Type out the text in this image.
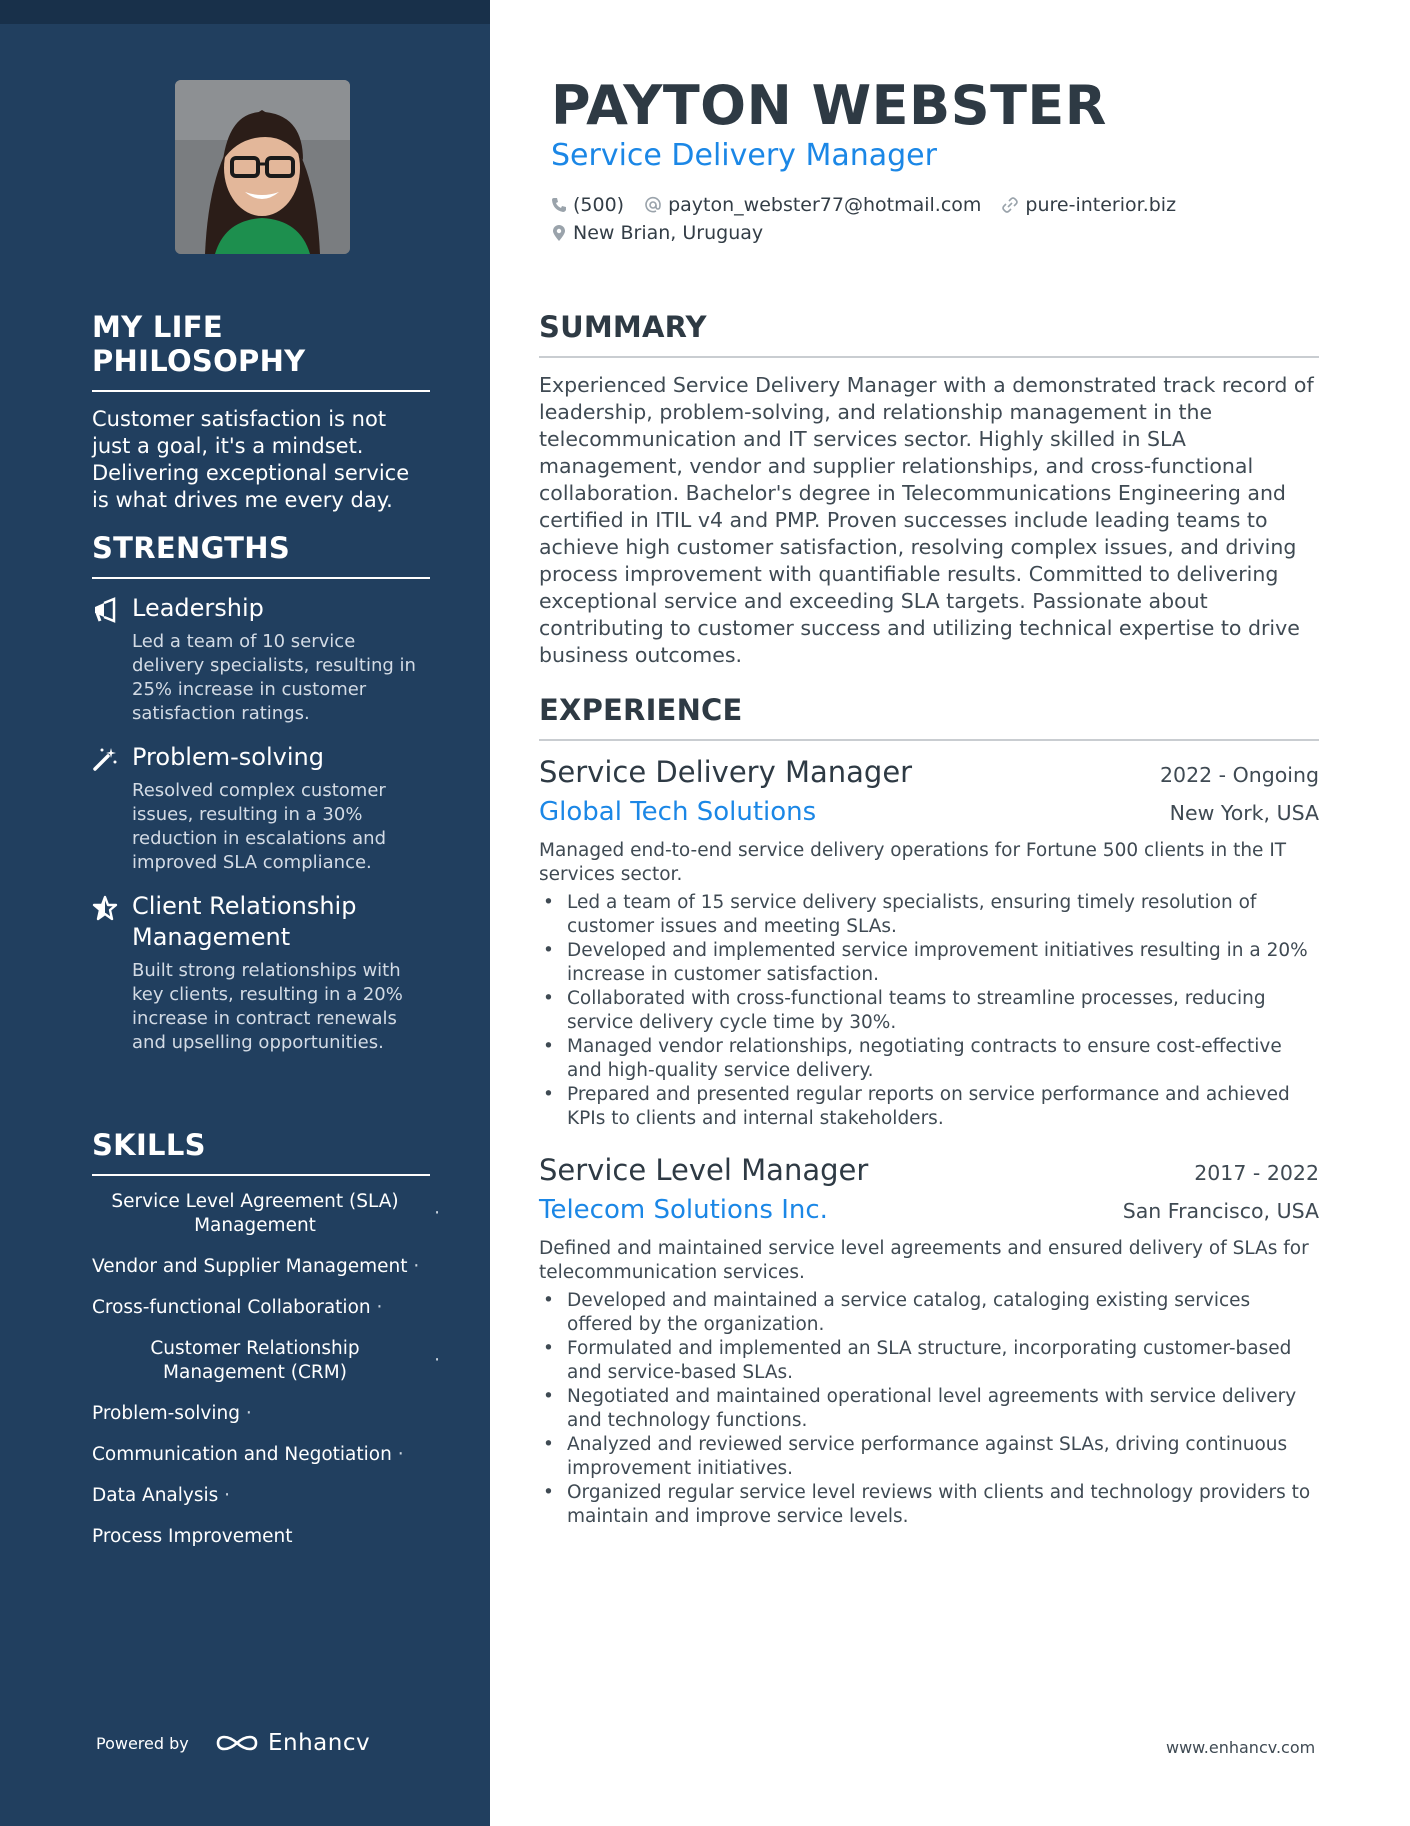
MY LIFE PHILOSOPHY
Customer satisfaction is not just a goal, it's a mindset. Delivering exceptional service is what drives me every day.
STRENGTHS
Leadership
Led a team of 10 service delivery specialists, resulting in 25% increase in customer satisfaction ratings.
Problem-solving
Resolved complex customer issues, resulting in a 30% reduction in escalations and improved SLA compliance.
Client Relationship Management
Built strong relationships with key clients, resulting in a 20% increase in contract renewals and upselling opportunities.
SKILLS
Service Level Agreement (SLA) Management
·
Vendor and Supplier Management ·
Cross-functional Collaboration ·
Customer Relationship Management (CRM)
·
Problem-solving ·
Communication and Negotiation ·
Data Analysis ·
Process Improvement
Powered by	Enhancv
PAYTON WEBSTER
Service Delivery Manager
(500) payton_webster77@hotmail.com pure-interior.biz
New Brian, Uruguay
SUMMARY
Experienced Service Delivery Manager with a demonstrated track record of leadership, problem-solving, and relationship management in the telecommunication and IT services sector. Highly skilled in SLA management, vendor and supplier relationships, and cross-functional collaboration. Bachelor's degree in Telecommunications Engineering and certified in ITIL v4 and PMP. Proven successes include leading teams to achieve high customer satisfaction, resolving complex issues, and driving process improvement with quantifiable results. Committed to delivering exceptional service and exceeding SLA targets. Passionate about contributing to customer success and utilizing technical expertise to drive business outcomes.
EXPERIENCE
Service Delivery Manager	2022 - Ongoing
Global Tech Solutions	New York, USA
Managed end-to-end service delivery operations for Fortune 500 clients in the IT services sector.
• Led a team of 15 service delivery specialists, ensuring timely resolution of customer issues and meeting SLAs.
• Developed and implemented service improvement initiatives resulting in a 20% increase in customer satisfaction.
• Collaborated with cross-functional teams to streamline processes, reducing service delivery cycle time by 30%.
• Managed vendor relationships, negotiating contracts to ensure cost-effective and high-quality service delivery.
• Prepared and presented regular reports on service performance and achieved KPIs to clients and internal stakeholders.
Service Level Manager	2017 - 2022
Telecom Solutions Inc.	San Francisco, USA
Defined and maintained service level agreements and ensured delivery of SLAs for telecommunication services.
• Developed and maintained a service catalog, cataloging existing services offered by the organization.
• Formulated and implemented an SLA structure, incorporating customer-based and service-based SLAs.
• Negotiated and maintained operational level agreements with service delivery and technology functions.
• Analyzed and reviewed service performance against SLAs, driving continuous improvement initiatives.
• Organized regular service level reviews with clients and technology providers to maintain and improve service levels.
www.enhancv.com
